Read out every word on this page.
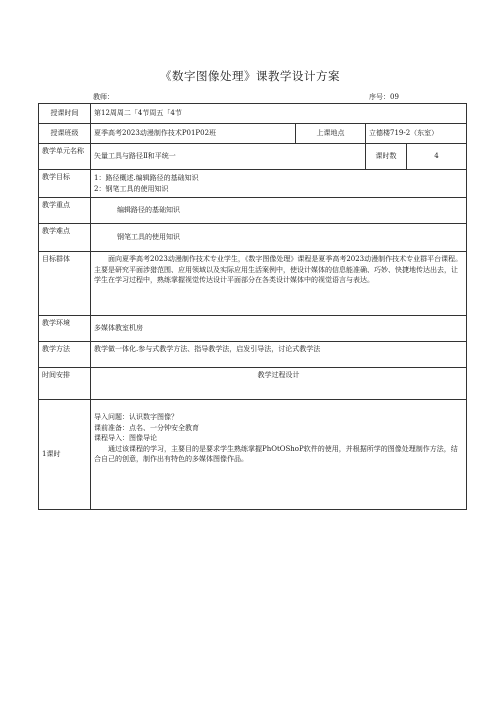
《数字图像处理》课教学设计方案
教师：	序号：09
授课时间	第12周周二「4节周五「4节			
授课班级	夏季高考2023动漫制作技术P01P02班	上课地点	立德楼719-2（东室）	
教学单元名称	矢量工具与路径Ⅱ和平统一		课时数	4
教学目标	1：路径概述.编辑路径的基础知识
2：钢笔工具的使用知识			

教学重点	编辑路径的基础知识			
教学难点	钢笔工具的使用知识			
目标群体	面向夏季高考2023动漫制作技术专业学生，《数字图像处理》课程是夏季高考2023动漫制作技术专业群平台课程。主要是研究平面涉猎范围、应用领域以及实际应用生活案例中，使设计媒体的信息能准确、巧妙、快捷地传达出去，让学生在学习过程中，熟练掌握视觉传达设计平面部分在各类设计媒体中的视觉语言与表达。			
教学环境	多媒体教室机房			
教学方法	教学做一体化.参与式教学方法、指导教学法，启发引导法，讨论式教学法			
时间安排	教学过程设计			
1课时	导入问题：认识数字图像？
课前准备：点名、一分钟安全教育
课程导入：图像导论
通过该课程的学习，主要目的是要求学生熟练掌握PhOtOShoP软件的使用，并根据所学的图像处理制作方法，结合自己的创意，制作出有特色的多媒体图像作品。			
